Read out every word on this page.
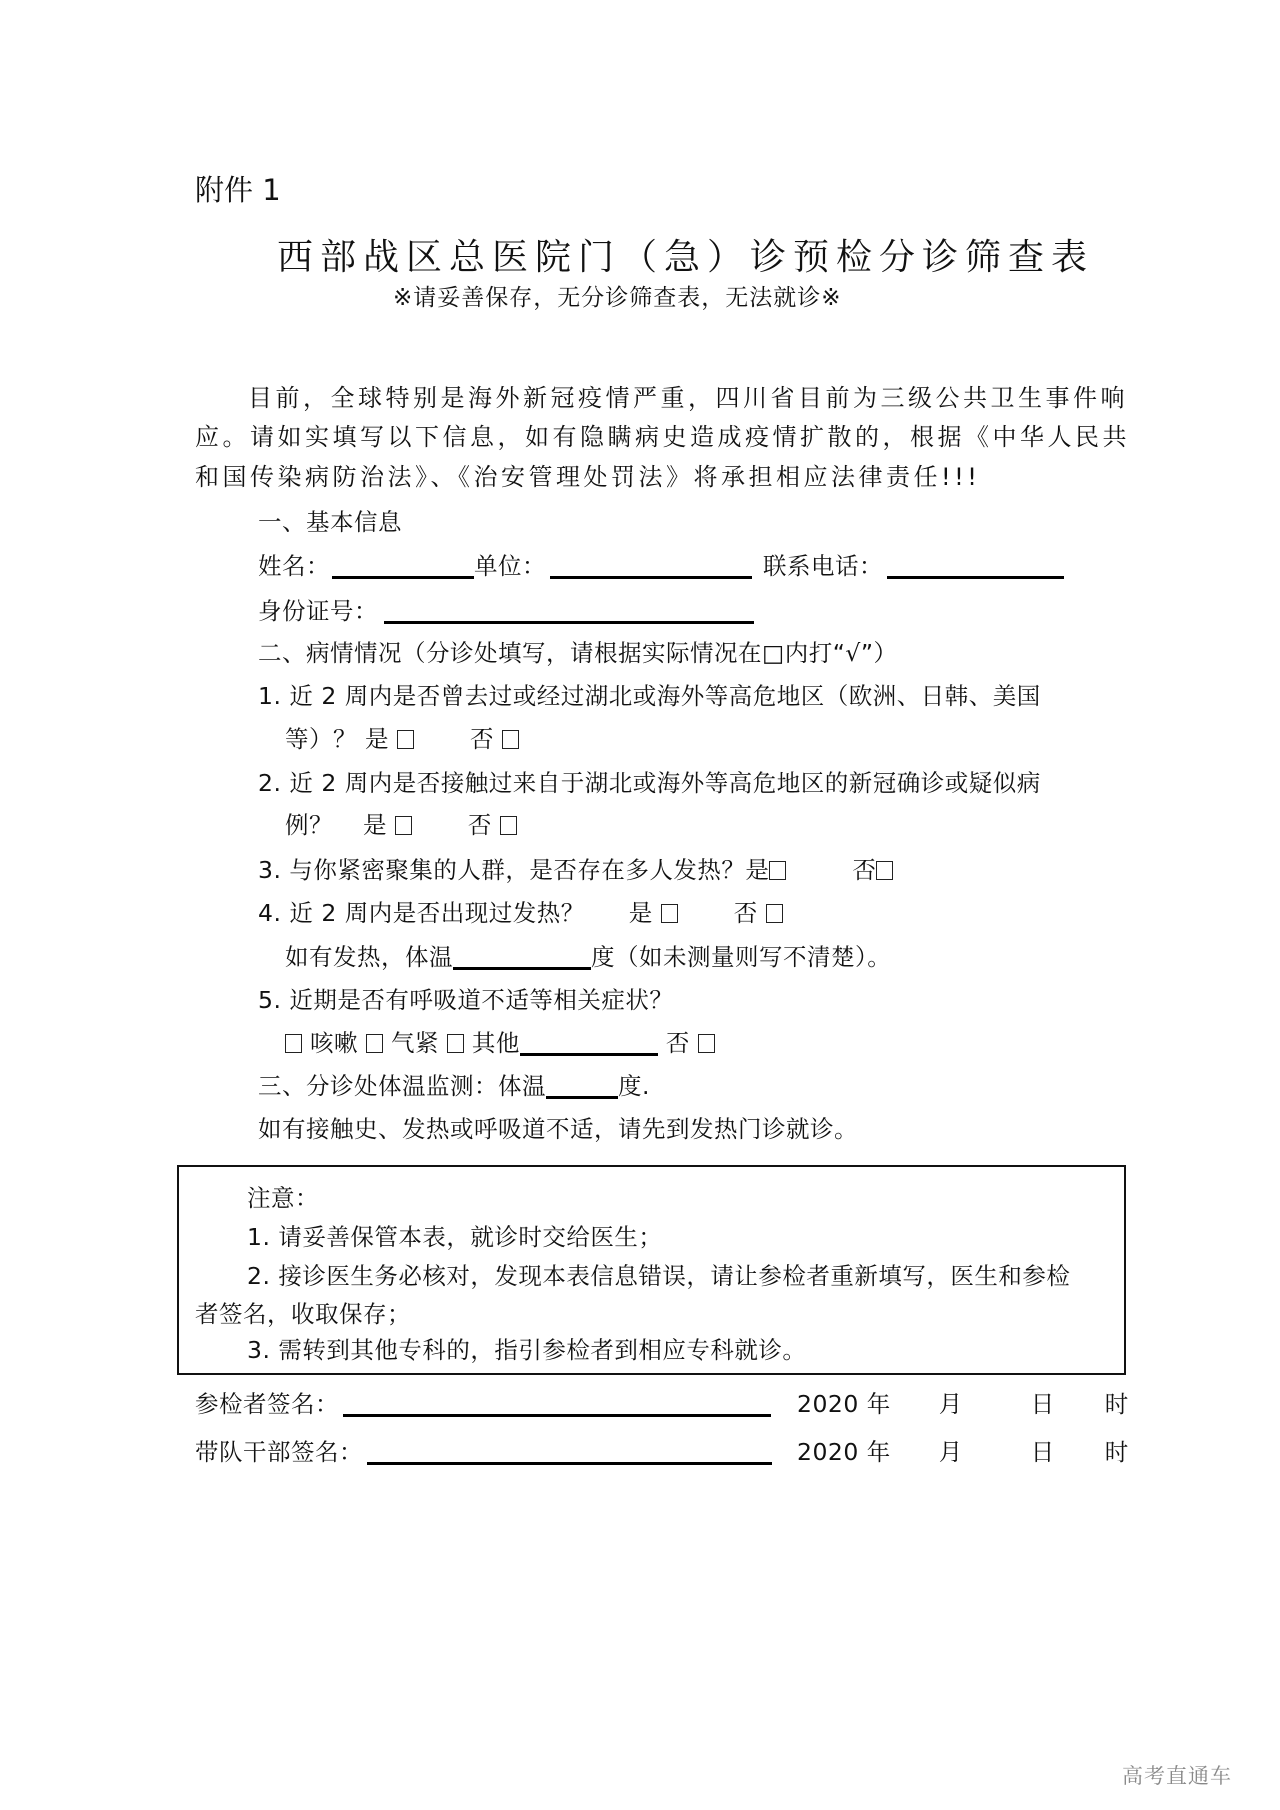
附件 1
西部战区总医院门（急）诊预检分诊筛查表
※请妥善保存，无分诊筛查表，无法就诊※
目前，全球特别是海外新冠疫情严重，四川省目前为三级公共卫生事件响
应。请如实填写以下信息，如有隐瞒病史造成疫情扩散的，根据《中华人民共
和国传染病防治法》、《治安管理处罚法》将承担相应法律责任!!!
一、基本信息
姓名：	单位：	联系电话：
身份证号：
二、病情情况（分诊处填写，请根据实际情况在□内打“√”）
1. 近 2 周内是否曾去过或经过湖北或海外等高危地区（欧洲、日韩、美国
等）？ 是	否
2. 近 2 周内是否接触过来自于湖北或海外等高危地区的新冠确诊或疑似病
例？ 是	否
3. 与你紧密聚集的人群，是否存在多人发热？是	否
4. 近 2 周内是否出现过发热？ 是	否
如有发热，体温	度（如未测量则写不清楚）。
5. 近期是否有呼吸道不适等相关症状？
咳嗽 气紧 其他	否
三、分诊处体温监测：体温	度.
如有接触史、发热或呼吸道不适，请先到发热门诊就诊。
注意：
1. 请妥善保管本表，就诊时交给医生；
2. 接诊医生务必核对，发现本表信息错误，请让参检者重新填写，医生和参检
者签名，收取保存；
3. 需转到其他专科的，指引参检者到相应专科就诊。
参检者签名：	2020 年 月	日 时
带队干部签名：	2020 年 月	日 时
高考直通车
